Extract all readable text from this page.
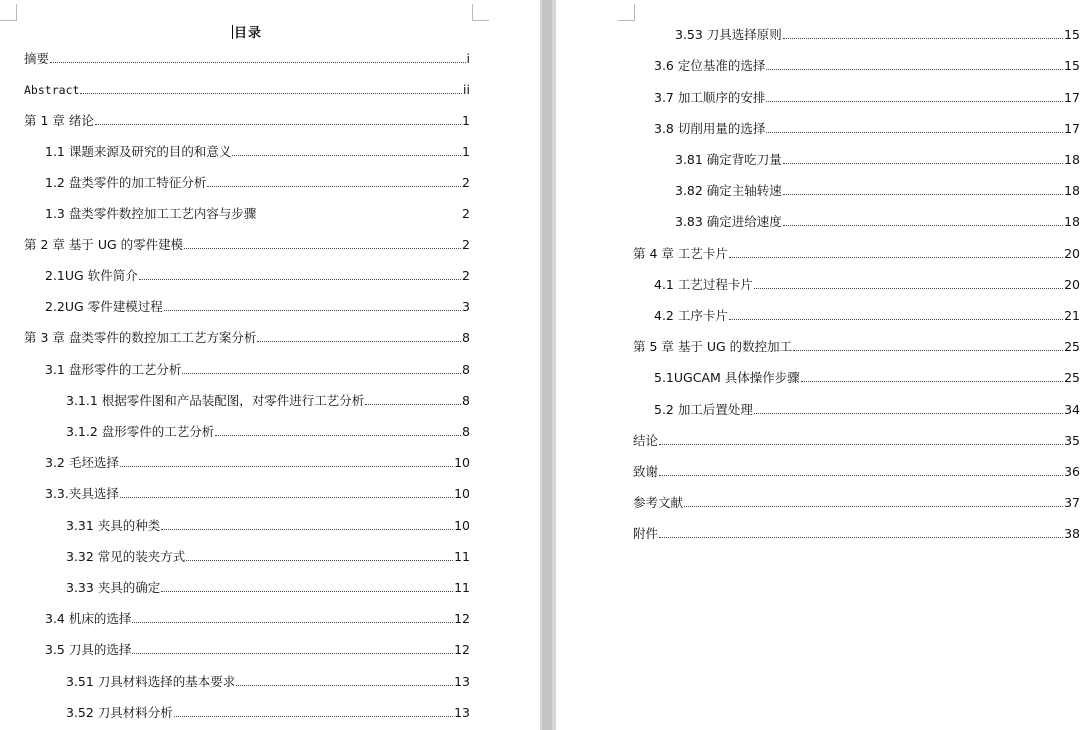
目录
摘要	i
Abstract	ii
第 1 章 绪论	1
1.1 课题来源及研究的目的和意义	1
1.2 盘类零件的加工特征分析	2
1.3 盘类零件数控加工工艺内容与步骤	2
第 2 章 基于 UG 的零件建模	2
2.1UG 软件简介	2
2.2UG 零件建模过程	3
第 3 章 盘类零件的数控加工工艺方案分析	8
3.1 盘形零件的工艺分析	8
3.1.1 根据零件图和产品装配图，对零件进行工艺分析	8
3.1.2 盘形零件的工艺分析	8
3.2 毛坯选择	10
3.3.夹具选择	10
3.31 夹具的种类	10
3.32 常见的装夹方式	11
3.33 夹具的确定	11
3.4 机床的选择	12
3.5 刀具的选择	12
3.51 刀具材料选择的基本要求	13
3.52 刀具材料分析	13
3.53 刀具选择原则	15
3.6 定位基准的选择	15
3.7 加工顺序的安排	17
3.8 切削用量的选择	17
3.81 确定背吃刀量	18
3.82 确定主轴转速	18
3.83 确定进给速度	18
第 4 章 工艺卡片	20
4.1 工艺过程卡片	20
4.2 工序卡片	21
第 5 章 基于 UG 的数控加工	25
5.1UGCAM 具体操作步骤	25
5.2 加工后置处理	34
结论	35
致谢	36
参考文献	37
附件	38
